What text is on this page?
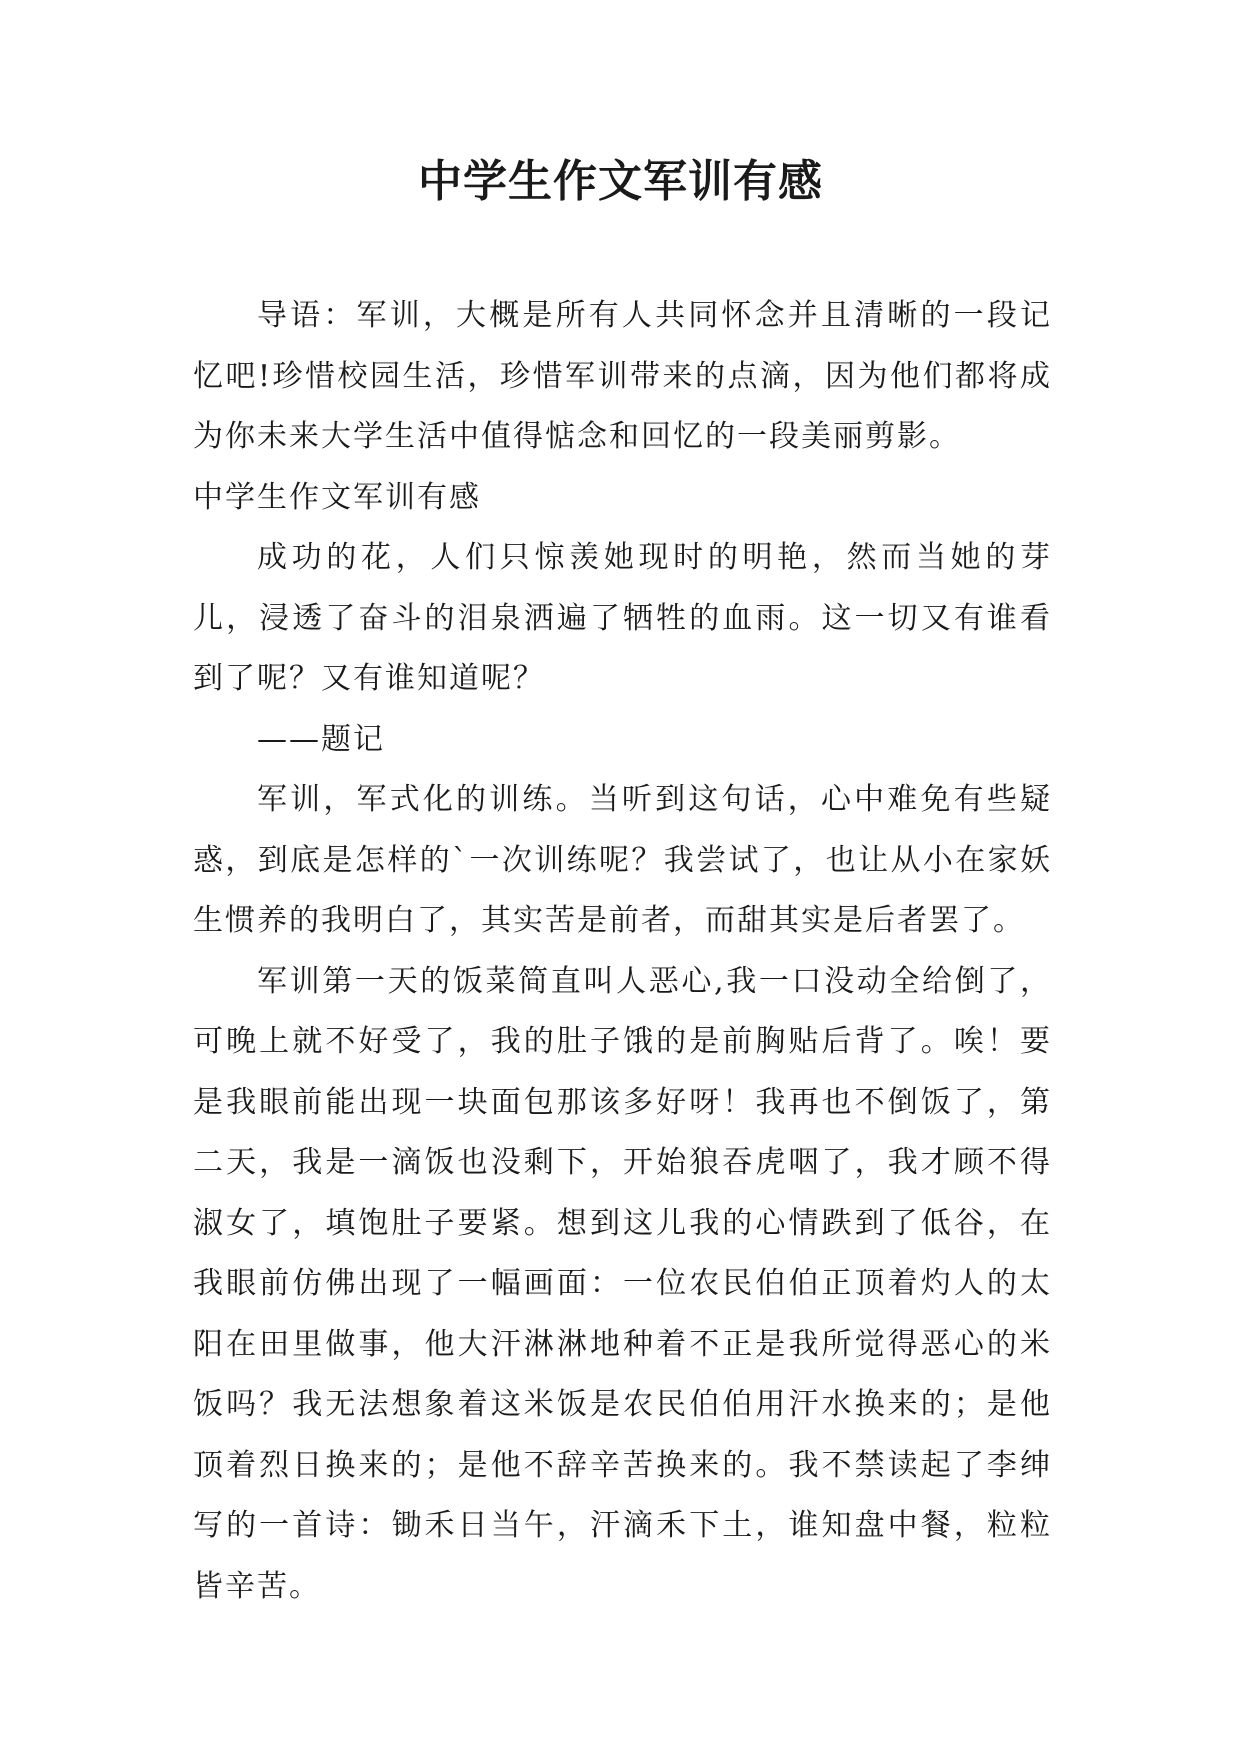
中学生作文军训有感

导语：军训，大概是所有人共同怀念并且清晰的一段记忆吧!珍惜校园生活，珍惜军训带来的点滴，因为他们都将成为你未来大学生活中值得惦念和回忆的一段美丽剪影。

中学生作文军训有感

成功的花，人们只惊羡她现时的明艳，然而当她的芽儿，浸透了奋斗的泪泉洒遍了牺牲的血雨。这一切又有谁看到了呢？又有谁知道呢？

——题记

军训，军式化的训练。当听到这句话，心中难免有些疑惑，到底是怎样的`一次训练呢？我尝试了，也让从小在家妖生惯养的我明白了，其实苦是前者，而甜其实是后者罢了。

军训第一天的饭菜简直叫人恶心,我一口没动全给倒了，可晚上就不好受了，我的肚子饿的是前胸贴后背了。唉！要是我眼前能出现一块面包那该多好呀！我再也不倒饭了，第二天，我是一滴饭也没剩下，开始狼吞虎咽了，我才顾不得淑女了，填饱肚子要紧。想到这儿我的心情跌到了低谷，在我眼前仿佛出现了一幅画面：一位农民伯伯正顶着灼人的太阳在田里做事，他大汗淋淋地种着不正是我所觉得恶心的米饭吗？我无法想象着这米饭是农民伯伯用汗水换来的；是他顶着烈日换来的；是他不辞辛苦换来的。我不禁读起了李绅写的一首诗：锄禾日当午，汗滴禾下土，谁知盘中餐，粒粒皆辛苦。
